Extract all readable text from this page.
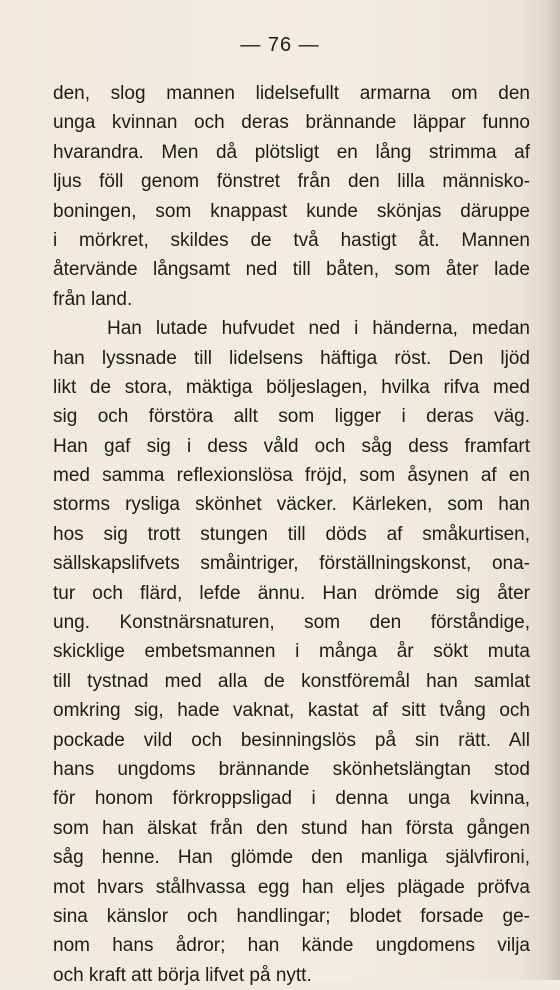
— 76 —
den, slog mannen lidelsefullt armarna om den
unga kvinnan och deras brännande läppar funno
hvarandra. Men då plötsligt en lång strimma af
ljus föll genom fönstret från den lilla människo-
boningen, som knappast kunde skönjas däruppe
i mörkret, skildes de två hastigt åt. Mannen
återvände långsamt ned till båten, som åter lade
från land.
Han lutade hufvudet ned i händerna, medan
han lyssnade till lidelsens häftiga röst. Den ljöd
likt de stora, mäktiga böljeslagen, hvilka rifva med
sig och förstöra allt som ligger i deras väg.
Han gaf sig i dess våld och såg dess framfart
med samma reflexionslösa fröjd, som åsynen af en
storms rysliga skönhet väcker. Kärleken, som han
hos sig trott stungen till döds af småkurtisen,
sällskapslifvets småintriger, förställningskonst, ona-
tur och flärd, lefde ännu. Han drömde sig åter
ung. Konstnärsnaturen, som den förståndige,
skicklige embetsmannen i många år sökt muta
till tystnad med alla de konstföremål han samlat
omkring sig, hade vaknat, kastat af sitt tvång och
pockade vild och besinningslös på sin rätt. All
hans ungdoms brännande skönhetslängtan stod
för honom förkroppsligad i denna unga kvinna,
som han älskat från den stund han första gången
såg henne. Han glömde den manliga självfironi,
mot hvars stålhvassa egg han eljes plägade pröfva
sina känslor och handlingar; blodet forsade ge-
nom hans ådror; han kände ungdomens vilja
och kraft att börja lifvet på nytt.
